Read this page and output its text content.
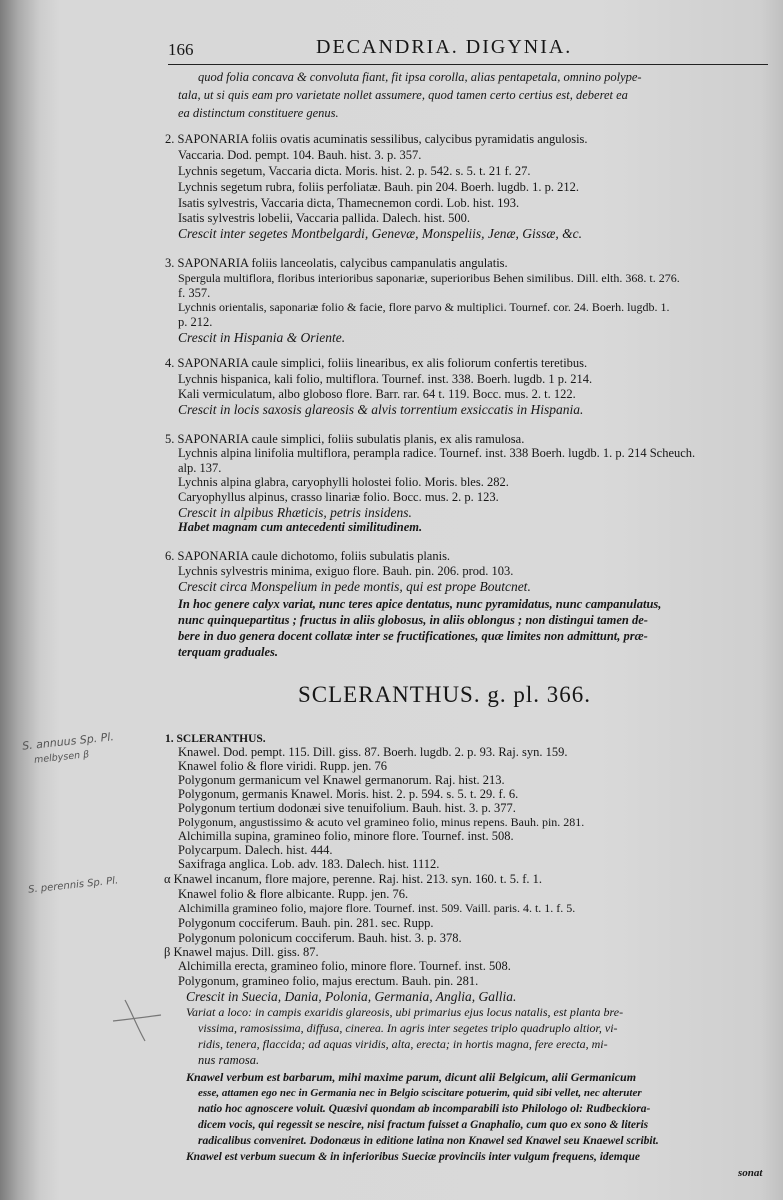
166	DECANDRIA. DIGYNIA.
quod folia concava & convoluta fiant, fit ipsa corolla, alias pentapetala, omnino polype-
tala, ut si quis eam pro varietate nollet assumere, quod tamen certo certius est, deberet ea
ea distinctum constituere genus.
2. SAPONARIA foliis ovatis acuminatis sessilibus, calycibus pyramidatis angulosis.
Vaccaria. Dod. pempt. 104. Bauh. hist. 3. p. 357.
Lychnis segetum, Vaccaria dicta. Moris. hist. 2. p. 542. s. 5. t. 21 f. 27.
Lychnis segetum rubra, foliis perfoliatæ. Bauh. pin 204. Boerh. lugdb. 1. p. 212.
Isatis sylvestris, Vaccaria dicta, Thamecnemon cordi. Lob. hist. 193.
Isatis sylvestris lobelii, Vaccaria pallida. Dalech. hist. 500.
Crescit inter segetes Montbelgardi, Genevæ, Monspeliis, Jenæ, Gissæ, &c.
3. SAPONARIA foliis lanceolatis, calycibus campanulatis angulatis.
Spergula multiflora, floribus interioribus saponariæ, superioribus Behen similibus. Dill. elth. 368. t. 276.
f. 357.
Lychnis orientalis, saponariæ folio & facie, flore parvo & multiplici. Tournef. cor. 24. Boerh. lugdb. 1.
p. 212.
Crescit in Hispania & Oriente.
4. SAPONARIA caule simplici, foliis linearibus, ex alis foliorum confertis teretibus.
Lychnis hispanica, kali folio, multiflora. Tournef. inst. 338. Boerh. lugdb. 1 p. 214.
Kali vermiculatum, albo globoso flore. Barr. rar. 64 t. 119. Bocc. mus. 2. t. 122.
Crescit in locis saxosis glareosis & alvis torrentium exsiccatis in Hispania.
5. SAPONARIA caule simplici, foliis subulatis planis, ex alis ramulosa.
Lychnis alpina linifolia multiflora, perampla radice. Tournef. inst. 338 Boerh. lugdb. 1. p. 214 Scheuch.
alp. 137.
Lychnis alpina glabra, caryophylli holostei folio. Moris. bles. 282.
Caryophyllus alpinus, crasso linariæ folio. Bocc. mus. 2. p. 123.
Crescit in alpibus Rhæticis, petris insidens.
Habet magnam cum antecedenti similitudinem.
6. SAPONARIA caule dichotomo, foliis subulatis planis.
Lychnis sylvestris minima, exiguo flore. Bauh. pin. 206. prod. 103.
Crescit circa Monspelium in pede montis, qui est prope Boutcnet.
In hoc genere calyx variat, nunc teres apice dentatus, nunc pyramidatus, nunc campanulatus,
nunc quinquepartitus ; fructus in aliis globosus, in aliis oblongus ; non distingui tamen de-
bere in duo genera docent collatæ inter se fructificationes, quæ limites non admittunt, præ-
terquam graduales.
SCLERANTHUS. g. pl. 366.
1. SCLERANTHUS.
Knawel. Dod. pempt. 115. Dill. giss. 87. Boerh. lugdb. 2. p. 93. Raj. syn. 159.
Knawel folio & flore viridi. Rupp. jen. 76
Polygonum germanicum vel Knawel germanorum. Raj. hist. 213.
Polygonum, germanis Knawel. Moris. hist. 2. p. 594. s. 5. t. 29. f. 6.
Polygonum tertium dodonæi sive tenuifolium. Bauh. hist. 3. p. 377.
Polygonum, angustissimo & acuto vel gramineo folio, minus repens. Bauh. pin. 281.
Alchimilla supina, gramineo folio, minore flore. Tournef. inst. 508.
Polycarpum. Dalech. hist. 444.
Saxifraga anglica. Lob. adv. 183. Dalech. hist. 1112.
α Knawel incanum, flore majore, perenne. Raj. hist. 213. syn. 160. t. 5. f. 1.
Knawel folio & flore albicante. Rupp. jen. 76.
Alchimilla gramineo folio, majore flore. Tournef. inst. 509. Vaill. paris. 4. t. 1. f. 5.
Polygonum cocciferum. Bauh. pin. 281. sec. Rupp.
Polygonum polonicum cocciferum. Bauh. hist. 3. p. 378.
β Knawel majus. Dill. giss. 87.
Alchimilla erecta, gramineo folio, minore flore. Tournef. inst. 508.
Polygonum, gramineo folio, majus erectum. Bauh. pin. 281.
Crescit in Suecia, Dania, Polonia, Germania, Anglia, Gallia.
Variat a loco: in campis exaridis glareosis, ubi primarius ejus locus natalis, est planta bre-
vissima, ramosissima, diffusa, cinerea. In agris inter segetes triplo quadruplo altior, vi-
ridis, tenera, flaccida; ad aquas viridis, alta, erecta; in hortis magna, fere erecta, mi-
nus ramosa.
Knawel verbum est barbarum, mihi maxime parum, dicunt alii Belgicum, alii Germanicum
esse, attamen ego nec in Germania nec in Belgio sciscitare potuerim, quid sibi vellet, nec alteruter
natio hoc agnoscere voluit. Quæsivi quondam ab incomparabili isto Philologo ol: Rudbeckiora-
dicem vocis, qui regessit se nescire, nisi fractum fuisset a Gnaphalio, cum quo ex sono & literis
radicalibus conveniret. Dodonæus in editione latina non Knawel sed Knawel seu Knaewel scribit.
Knawel est verbum suecum & in inferioribus Sueciæ provinciis inter vulgum frequens, idemque
sonat
S. annuus Sp. Pl.
melbysen β
S. perennis Sp. Pl.
